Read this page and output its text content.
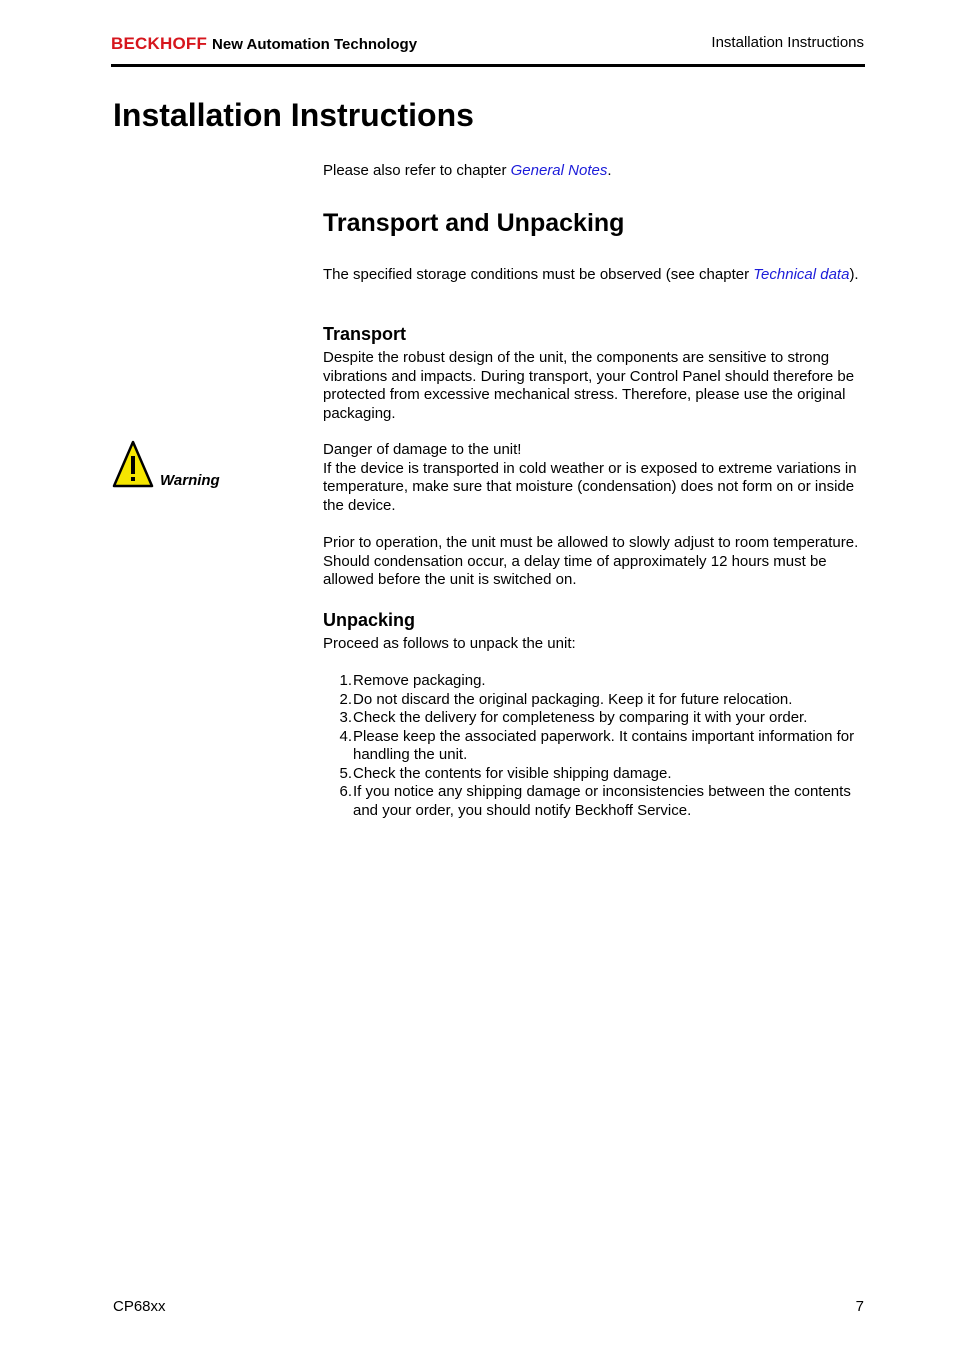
BECKHOFF New Automation Technology	Installation Instructions
Installation Instructions
Please also refer to chapter General Notes.
Transport and Unpacking
The specified storage conditions must be observed (see chapter Technical data).
Transport
Despite the robust design of the unit, the components are sensitive to strong vibrations and impacts. During transport, your Control Panel should therefore be protected from excessive mechanical stress. Therefore, please use the original packaging.
Warning
Danger of damage to the unit!
If the device is transported in cold weather or is exposed to extreme variations in temperature, make sure that moisture (condensation) does not form on or inside the device.
Prior to operation, the unit must be allowed to slowly adjust to room temperature. Should condensation occur, a delay time of approximately 12 hours must be allowed before the unit is switched on.
Unpacking
Proceed as follows to unpack the unit:
1. Remove packaging.
2. Do not discard the original packaging. Keep it for future relocation.
3. Check the delivery for completeness by comparing it with your order.
4. Please keep the associated paperwork. It contains important information for handling the unit.
5. Check the contents for visible shipping damage.
6. If you notice any shipping damage or inconsistencies between the contents and your order, you should notify Beckhoff Service.
CP68xx	7
